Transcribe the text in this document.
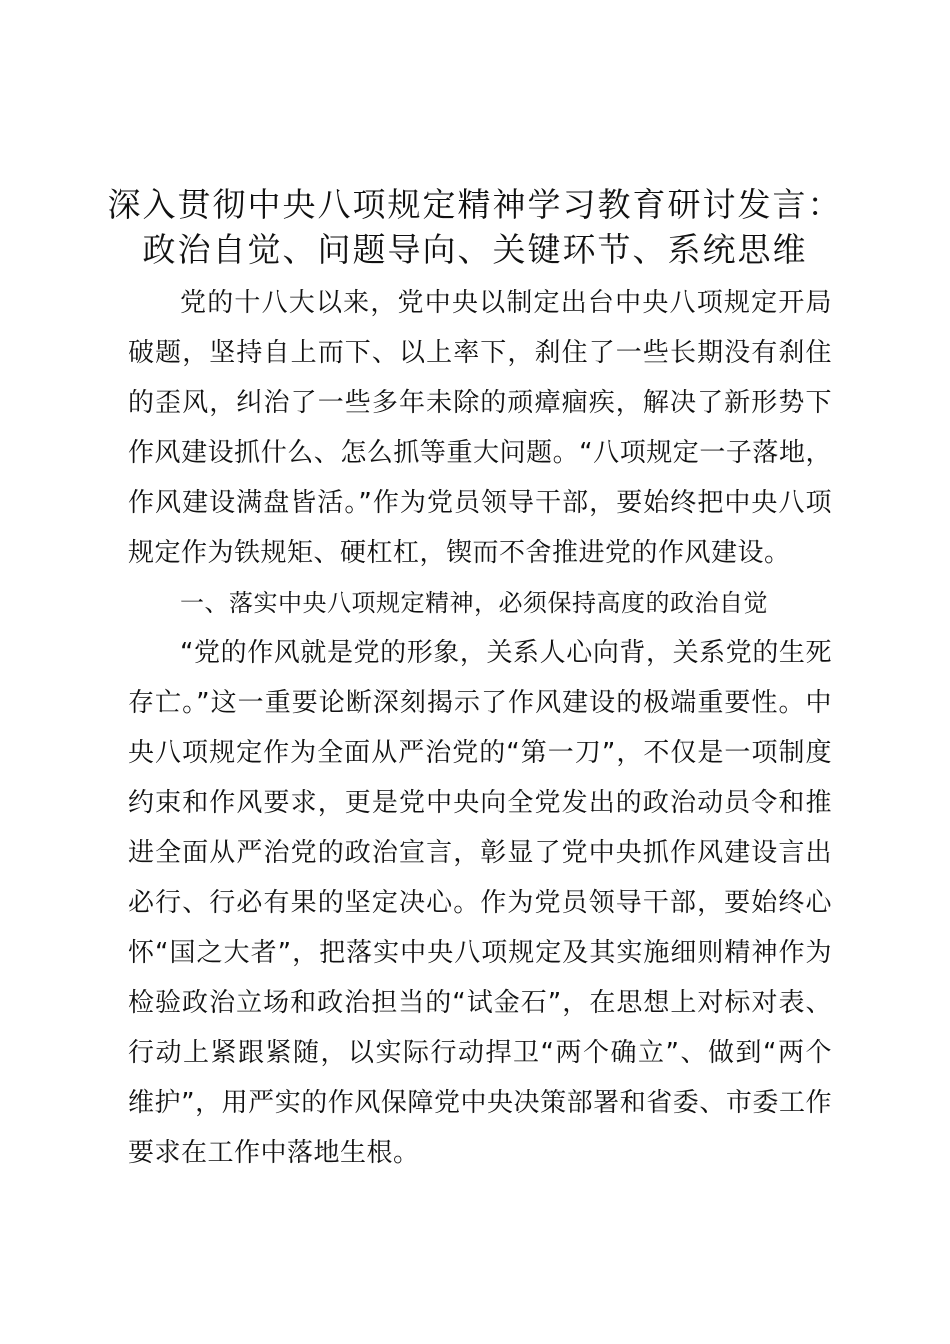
深入贯彻中央八项规定精神学习教育研讨发言：
政治自觉、问题导向、关键环节、系统思维

党的十八大以来，党中央以制定出台中央八项规定开局破题，坚持自上而下、以上率下，刹住了一些长期没有刹住的歪风，纠治了一些多年未除的顽瘴痼疾，解决了新形势下作风建设抓什么、怎么抓等重大问题。“八项规定一子落地，作风建设满盘皆活。”作为党员领导干部，要始终把中央八项规定作为铁规矩、硬杠杠，锲而不舍推进党的作风建设。

一、落实中央八项规定精神，必须保持高度的政治自觉

“党的作风就是党的形象，关系人心向背，关系党的生死存亡。”这一重要论断深刻揭示了作风建设的极端重要性。中央八项规定作为全面从严治党的“第一刀”，不仅是一项制度约束和作风要求，更是党中央向全党发出的政治动员令和推进全面从严治党的政治宣言，彰显了党中央抓作风建设言出必行、行必有果的坚定决心。作为党员领导干部，要始终心怀“国之大者”，把落实中央八项规定及其实施细则精神作为检验政治立场和政治担当的“试金石”，在思想上对标对表、行动上紧跟紧随，以实际行动捍卫“两个确立”、做到“两个维护”，用严实的作风保障党中央决策部署和省委、市委工作要求在工作中落地生根。
